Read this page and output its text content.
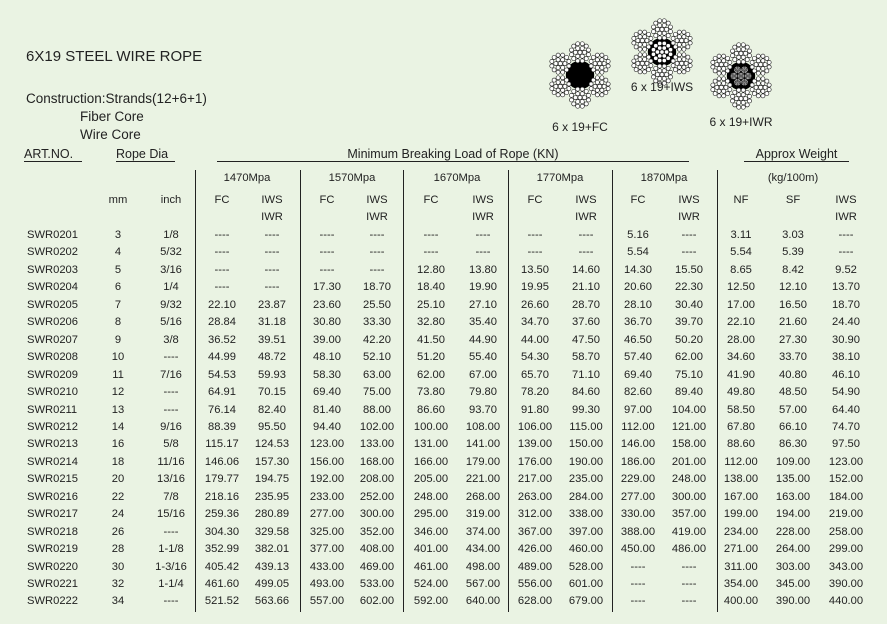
6X19 STEEL WIRE ROPE
Construction:Strands(12+6+1)
Fiber Core
Wire Core	6 x 19+FC
6 x 19+IWS
6 x 19+IWR
ART.NO.	Rope Dia	Minimum Breaking Load of Rope (KN)	Approx Weight
1470Mpa	1570Mpa	1670Mpa	1770Mpa	1870Mpa	(kg/100m)
mm	inch	FC	IWS
IWR
FC	IWS
IWR
FC	IWS
IWR
FC	IWS
IWR
FC	IWS
IWR
NF	SF	IWS
IWR
SWR0201	3	1/8	----	----	----	----	----	----	----	----	5.16	----	3.11	3.03	----
SWR0202	4	5/32	----	----	----	----	----	----	----	----	5.54	----	5.54	5.39	----
SWR0203	5	3/16	----	----	----	----	12.80 13.80 13.50 14.60 14.30 15.50 8.65	8.42	9.52
SWR0204	6	1/4	----	----	17.30 18.70 18.40 19.90 19.95 21.10 20.60 22.30 12.50 12.10 13.70
SWR0205	7	9/32 22.10 23.87 23.60 25.50 25.10 27.10 26.60 28.70 28.10 30.40 17.00 16.50 18.70
SWR0206	8	5/16 28.84 31.18 30.80 33.30 32.80 35.40 34.70 37.60 36.70 39.70 22.10 21.60 24.40
SWR0207	9	3/8	36.52 39.51 39.00 42.20 41.50 44.90 44.00 47.50 46.50 50.20 28.00 27.30 30.90
SWR0208	10	----	44.99 48.72 48.10 52.10 51.20 55.40 54.30 58.70 57.40 62.00 34.60 33.70 38.10
SWR0209	11	7/16 54.53 59.93 58.30 63.00 62.00 67.00 65.70 71.10 69.40 75.10 41.90 40.80 46.10
SWR0210	12	----	64.91 70.15 69.40 75.00 73.80 79.80 78.20 84.60 82.60 89.40 49.80 48.50 54.90
SWR0211	13	----	76.14 82.40 81.40 88.00 86.60 93.70 91.80 99.30 97.00 104.00 58.50 57.00 64.40
SWR0212	14	9/16 88.39 95.50 94.40 102.00 100.00 108.00 106.00 115.00 112.00 121.00 67.80 66.10 74.70
SWR0213	16	5/8 115.17 124.53 123.00 133.00 131.00 141.00 139.00 150.00 146.00 158.00 88.60 86.30 97.50
SWR0214	18	11/16 146.06 157.30 156.00 168.00 166.00 179.00 176.00 190.00 186.00 201.00 112.00 109.00 123.00
SWR0215	20	13/16 179.77 194.75 192.00 208.00 205.00 221.00 217.00 235.00 229.00 248.00 138.00 135.00 152.00
SWR0216	22	7/8 218.16 235.95 233.00 252.00 248.00 268.00 263.00 284.00 277.00 300.00 167.00 163.00 184.00
SWR0217	24	15/16 259.36 280.89 277.00 300.00 295.00 319.00 312.00 338.00 330.00 357.00 199.00 194.00 219.00
SWR0218	26	---- 304.30 329.58 325.00 352.00 346.00 374.00 367.00 397.00 388.00 419.00 234.00 228.00 258.00
SWR0219	28	1-1/8 352.99 382.01 377.00 408.00 401.00 434.00 426.00 460.00 450.00 486.00 271.00 264.00 299.00
SWR0220	30	1-3/16 405.42 439.13 433.00 469.00 461.00 498.00 489.00 528.00 ----	---- 311.00 303.00 343.00
SWR0221	32	1-1/4 461.60 499.05 493.00 533.00 524.00 567.00 556.00 601.00 ----	---- 354.00 345.00 390.00
SWR0222	34	---- 521.52 563.66 557.00 602.00 592.00 640.00 628.00 679.00 ----	---- 400.00 390.00 440.00
